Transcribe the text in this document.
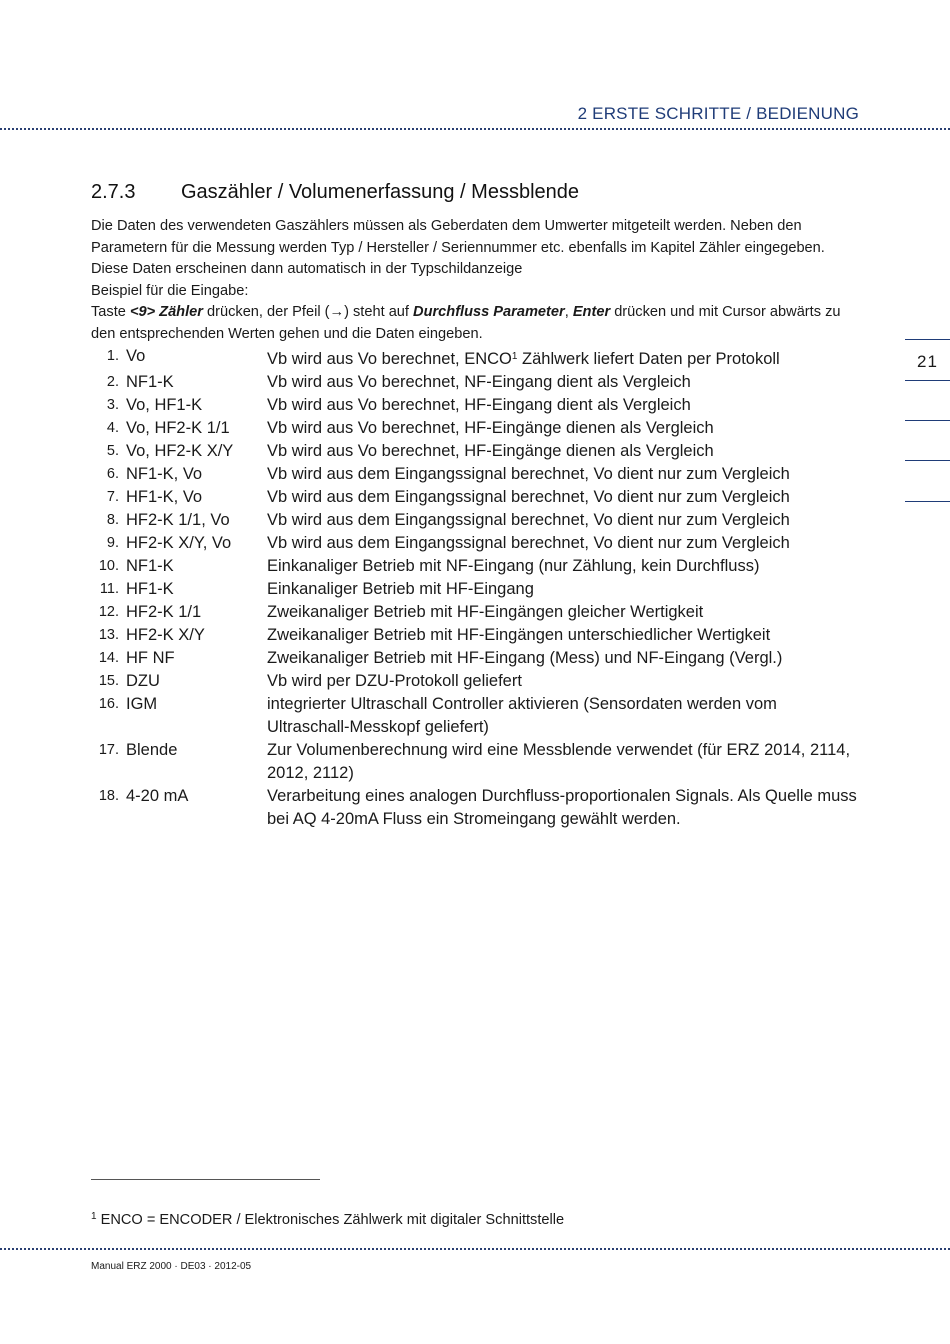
2 ERSTE SCHRITTE / BEDIENUNG
2.7.3 Gaszähler / Volumenerfassung / Messblende

Die Daten des verwendeten Gaszählers müssen als Geberdaten dem Umwerter mitgeteilt werden. Neben den Parametern für die Messung werden Typ / Hersteller / Seriennummer etc. ebenfalls im Kapitel Zähler eingegeben. Diese Daten erscheinen dann automatisch in der Typschildanzeige

Beispiel für die Eingabe:

Taste <9> Zähler drücken, der Pfeil (→) steht auf Durchfluss Parameter, Enter drücken und mit Cursor abwärts zu den entsprechenden Werten gehen und die Daten eingeben.

1. Vo	Vb wird aus Vo berechnet, ENCO$^1$ Zählwerk liefert Daten per Protokoll
2. NF1-K	Vb wird aus Vo berechnet, NF-Eingang dient als Vergleich
3. Vo, HF1-K	Vb wird aus Vo berechnet, HF-Eingang dient als Vergleich
4. Vo, HF2-K 1/1	Vb wird aus Vo berechnet, HF-Eingänge dienen als Vergleich
5. Vo, HF2-K X/Y	Vb wird aus Vo berechnet, HF-Eingänge dienen als Vergleich
6. NF1-K, Vo	Vb wird aus dem Eingangssignal berechnet, Vo dient nur zum Vergleich
7. HF1-K, Vo	Vb wird aus dem Eingangssignal berechnet, Vo dient nur zum Vergleich
8. HF2-K 1/1, Vo	Vb wird aus dem Eingangssignal berechnet, Vo dient nur zum Vergleich
9. HF2-K X/Y, Vo	Vb wird aus dem Eingangssignal berechnet, Vo dient nur zum Vergleich
10. NF1-K	Einkanaliger Betrieb mit NF-Eingang (nur Zählung, kein Durchfluss)
11. HF1-K	Einkanaliger Betrieb mit HF-Eingang
12. HF2-K 1/1	Zweikanaliger Betrieb mit HF-Eingängen gleicher Wertigkeit
13. HF2-K X/Y	Zweikanaliger Betrieb mit HF-Eingängen unterschiedlicher Wertigkeit
14. HF NF	Zweikanaliger Betrieb mit HF-Eingang (Mess) und NF-Eingang (Vergl.)
15. DZU	Vb wird per DZU-Protokoll geliefert
16. IGM	integrierter Ultraschall Controller aktivieren (Sensordaten werden vom Ultraschall-Messkopf geliefert)
17. Blende	Zur Volumenberechnung wird eine Messblende verwendet (für ERZ 2014, 2114, 2012, 2112)
18. 4-20 mA	Verarbeitung eines analogen Durchfluss-proportionalen Signals. Als Quelle muss bei AQ 4-20mA Fluss ein Stromeingang gewählt werden.
21
$^1$ ENCO = ENCODER / Elektronisches Zählwerk mit digitaler Schnittstelle
Manual ERZ 2000 · DE03 · 2012-05
